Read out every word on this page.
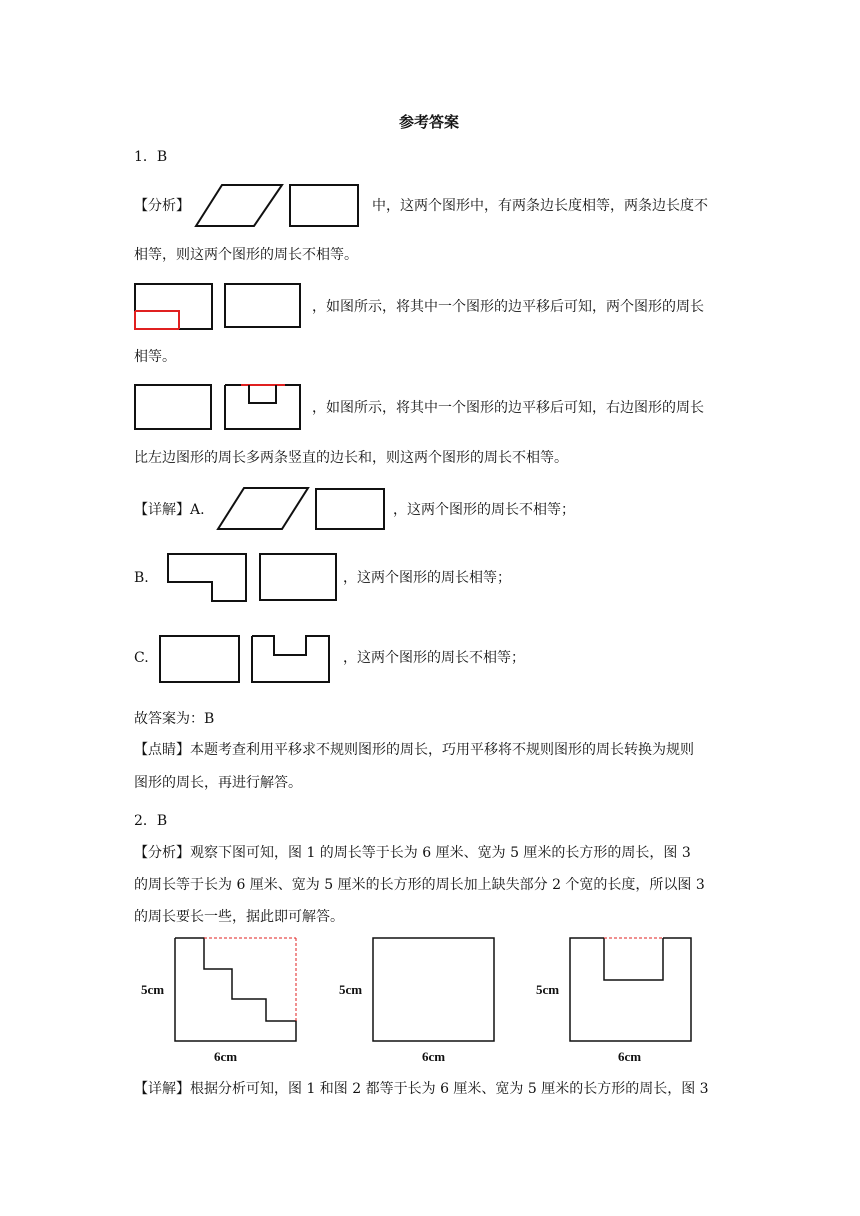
参考答案
1．B
【分析】	中，这两个图形中，有两条边长度相等，两条边长度不
相等，则这两个图形的周长不相等。
，如图所示，将其中一个图形的边平移后可知，两个图形的周长
相等。
，如图所示，将其中一个图形的边平移后可知，右边图形的周长
比左边图形的周长多两条竖直的边长和，则这两个图形的周长不相等。
【详解】A.	，这两个图形的周长不相等；
B.	，这两个图形的周长相等；
C.	，这两个图形的周长不相等；
故答案为：B
【点睛】本题考查利用平移求不规则图形的周长，巧用平移将不规则图形的周长转换为规则
图形的周长，再进行解答。
2．B
【分析】观察下图可知，图 1 的周长等于长为 6 厘米、宽为 5 厘米的长方形的周长，图 3
的周长等于长为 6 厘米、宽为 5 厘米的长方形的周长加上缺失部分 2 个宽的长度，所以图 3
的周长要长一些，据此即可解答。
5cm
6cm
5cm
6cm
5cm
6cm
【详解】根据分析可知，图 1 和图 2 都等于长为 6 厘米、宽为 5 厘米的长方形的周长，图 3
